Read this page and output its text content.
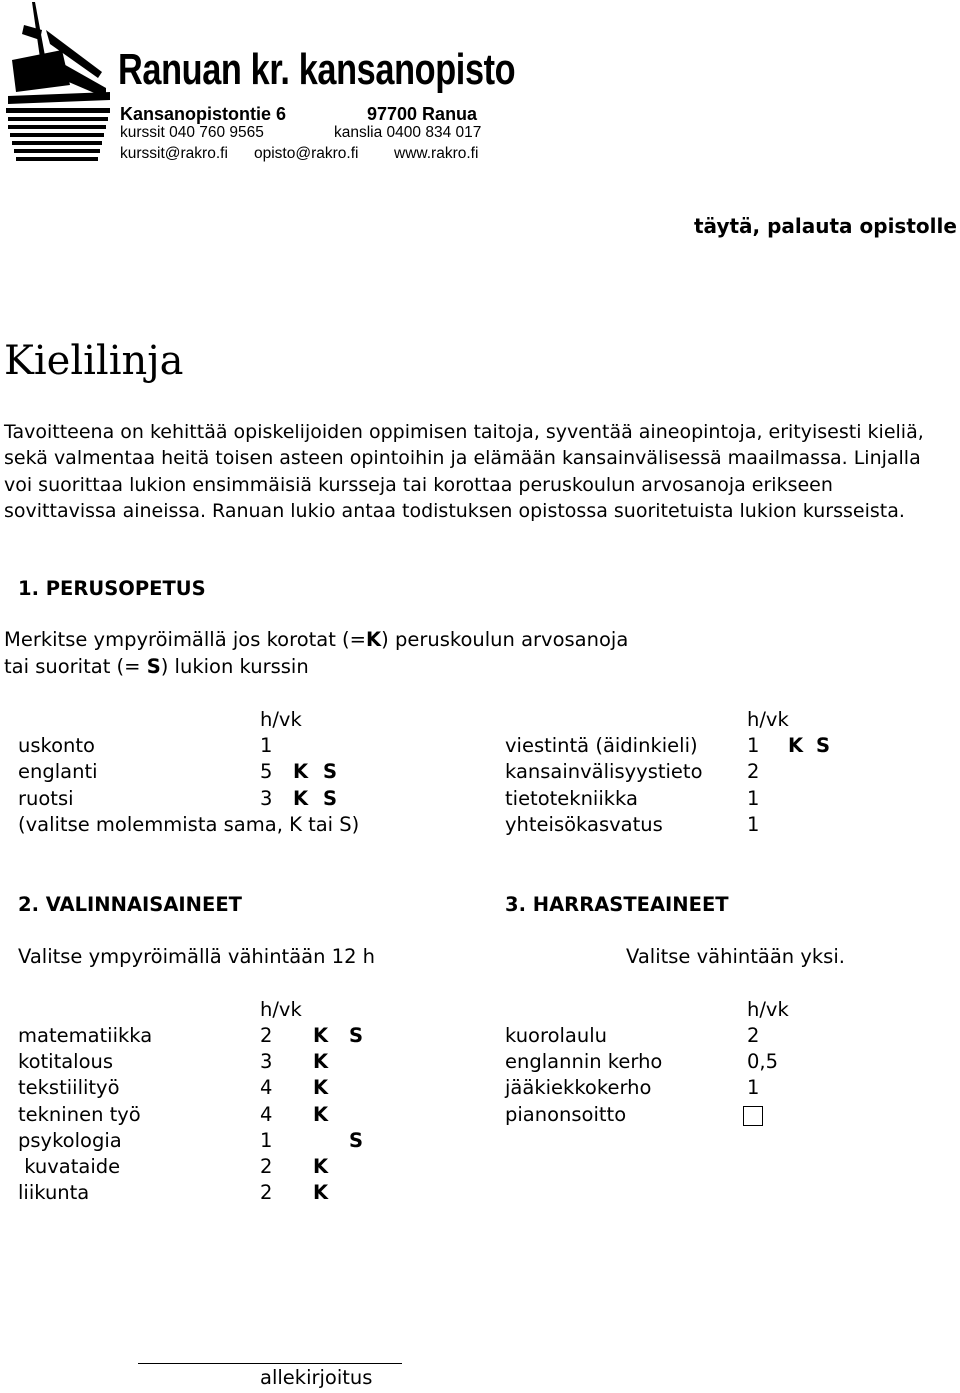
Ranuan kr. kansanopisto
Kansanopistontie 6	97700 Ranua
kurssit 040 760 9565	kanslia 0400 834 017
kurssit@rakro.fi opisto@rakro.fi www.rakro.fi
täytä, palauta opistolle
Kielilinja
Tavoitteena on kehittää opiskelijoiden oppimisen taitoja, syventää aineopintoja, erityisesti kieliä, sekä valmentaa heitä toisen asteen opintoihin ja elämään kansainvälisessä maailmassa. Linjalla voi suorittaa lukion ensimmäisiä kursseja tai korottaa peruskoulun arvosanoja erikseen sovittavissa aineissa. Ranuan lukio antaa todistuksen opistossa suoritetuista lukion kursseista.
1. PERUSOPETUS
Merkitse ympyröimällä jos korotat (=K) peruskoulun arvosanoja
tai suoritat (= S) lukion kurssin
h/vk	h/vk
uskonto	1
englanti	5 K S
ruotsi	3 K S
(valitse molemmista sama, K tai S)
viestintä (äidinkieli)	1 K S
kansainvälisyystieto 2
tietotekniikka	1
yhteisökasvatus	1
2. VALINNAISAINEET
Valitse ympyröimällä vähintään 12 h
h/vk
matematiikka	2 K S
kotitalous	3 K
tekstiilityö	4 K
tekninen työ	4 K
psykologia	1	S
kuvataide	2 K
liikunta	2 K
3. HARRASTEAINEET
Valitse vähintään yksi.
h/vk
kuorolaulu	2
englannin kerho	0,5
jääkiekkokerho	1
pianonsoitto
allekirjoitus
